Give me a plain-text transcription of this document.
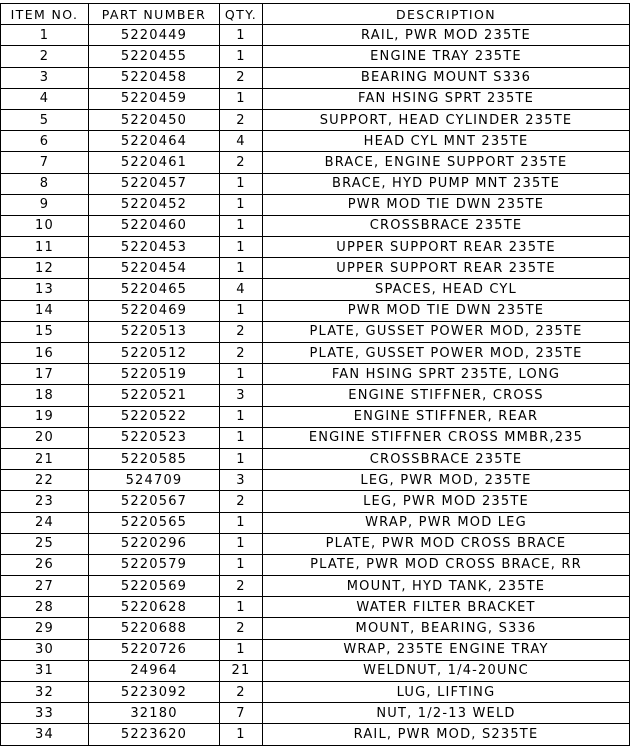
ITEM NO.	PART NUMBER	QTY.	DESCRIPTION
1	5220449	1	RAIL, PWR MOD 235TE
2	5220455	1	ENGINE TRAY 235TE
3	5220458	2	BEARING MOUNT S336
4	5220459	1	FAN HSING SPRT 235TE
5	5220450	2	SUPPORT, HEAD CYLINDER 235TE
6	5220464	4	HEAD CYL MNT 235TE
7	5220461	2	BRACE, ENGINE SUPPORT 235TE
8	5220457	1	BRACE, HYD PUMP MNT 235TE
9	5220452	1	PWR MOD TIE DWN 235TE
10	5220460	1	CROSSBRACE 235TE
11	5220453	1	UPPER SUPPORT REAR 235TE
12	5220454	1	UPPER SUPPORT REAR 235TE
13	5220465	4	SPACES, HEAD CYL
14	5220469	1	PWR MOD TIE DWN 235TE
15	5220513	2	PLATE, GUSSET POWER MOD, 235TE
16	5220512	2	PLATE, GUSSET POWER MOD, 235TE
17	5220519	1	FAN HSING SPRT 235TE, LONG
18	5220521	3	ENGINE STIFFNER, CROSS
19	5220522	1	ENGINE STIFFNER, REAR
20	5220523	1	ENGINE STIFFNER CROSS MMBR,235
21	5220585	1	CROSSBRACE 235TE
22	524709	3	LEG, PWR MOD, 235TE
23	5220567	2	LEG, PWR MOD 235TE
24	5220565	1	WRAP, PWR MOD LEG
25	5220296	1	PLATE, PWR MOD CROSS BRACE
26	5220579	1	PLATE, PWR MOD CROSS BRACE, RR
27	5220569	2	MOUNT, HYD TANK, 235TE
28	5220628	1	WATER FILTER BRACKET
29	5220688	2	MOUNT, BEARING, S336
30	5220726	1	WRAP, 235TE ENGINE TRAY
31	24964	21	WELDNUT, 1/4-20UNC
32	5223092	2	LUG, LIFTING
33	32180	7	NUT, 1/2-13 WELD
34	5223620	1	RAIL, PWR MOD, S235TE
